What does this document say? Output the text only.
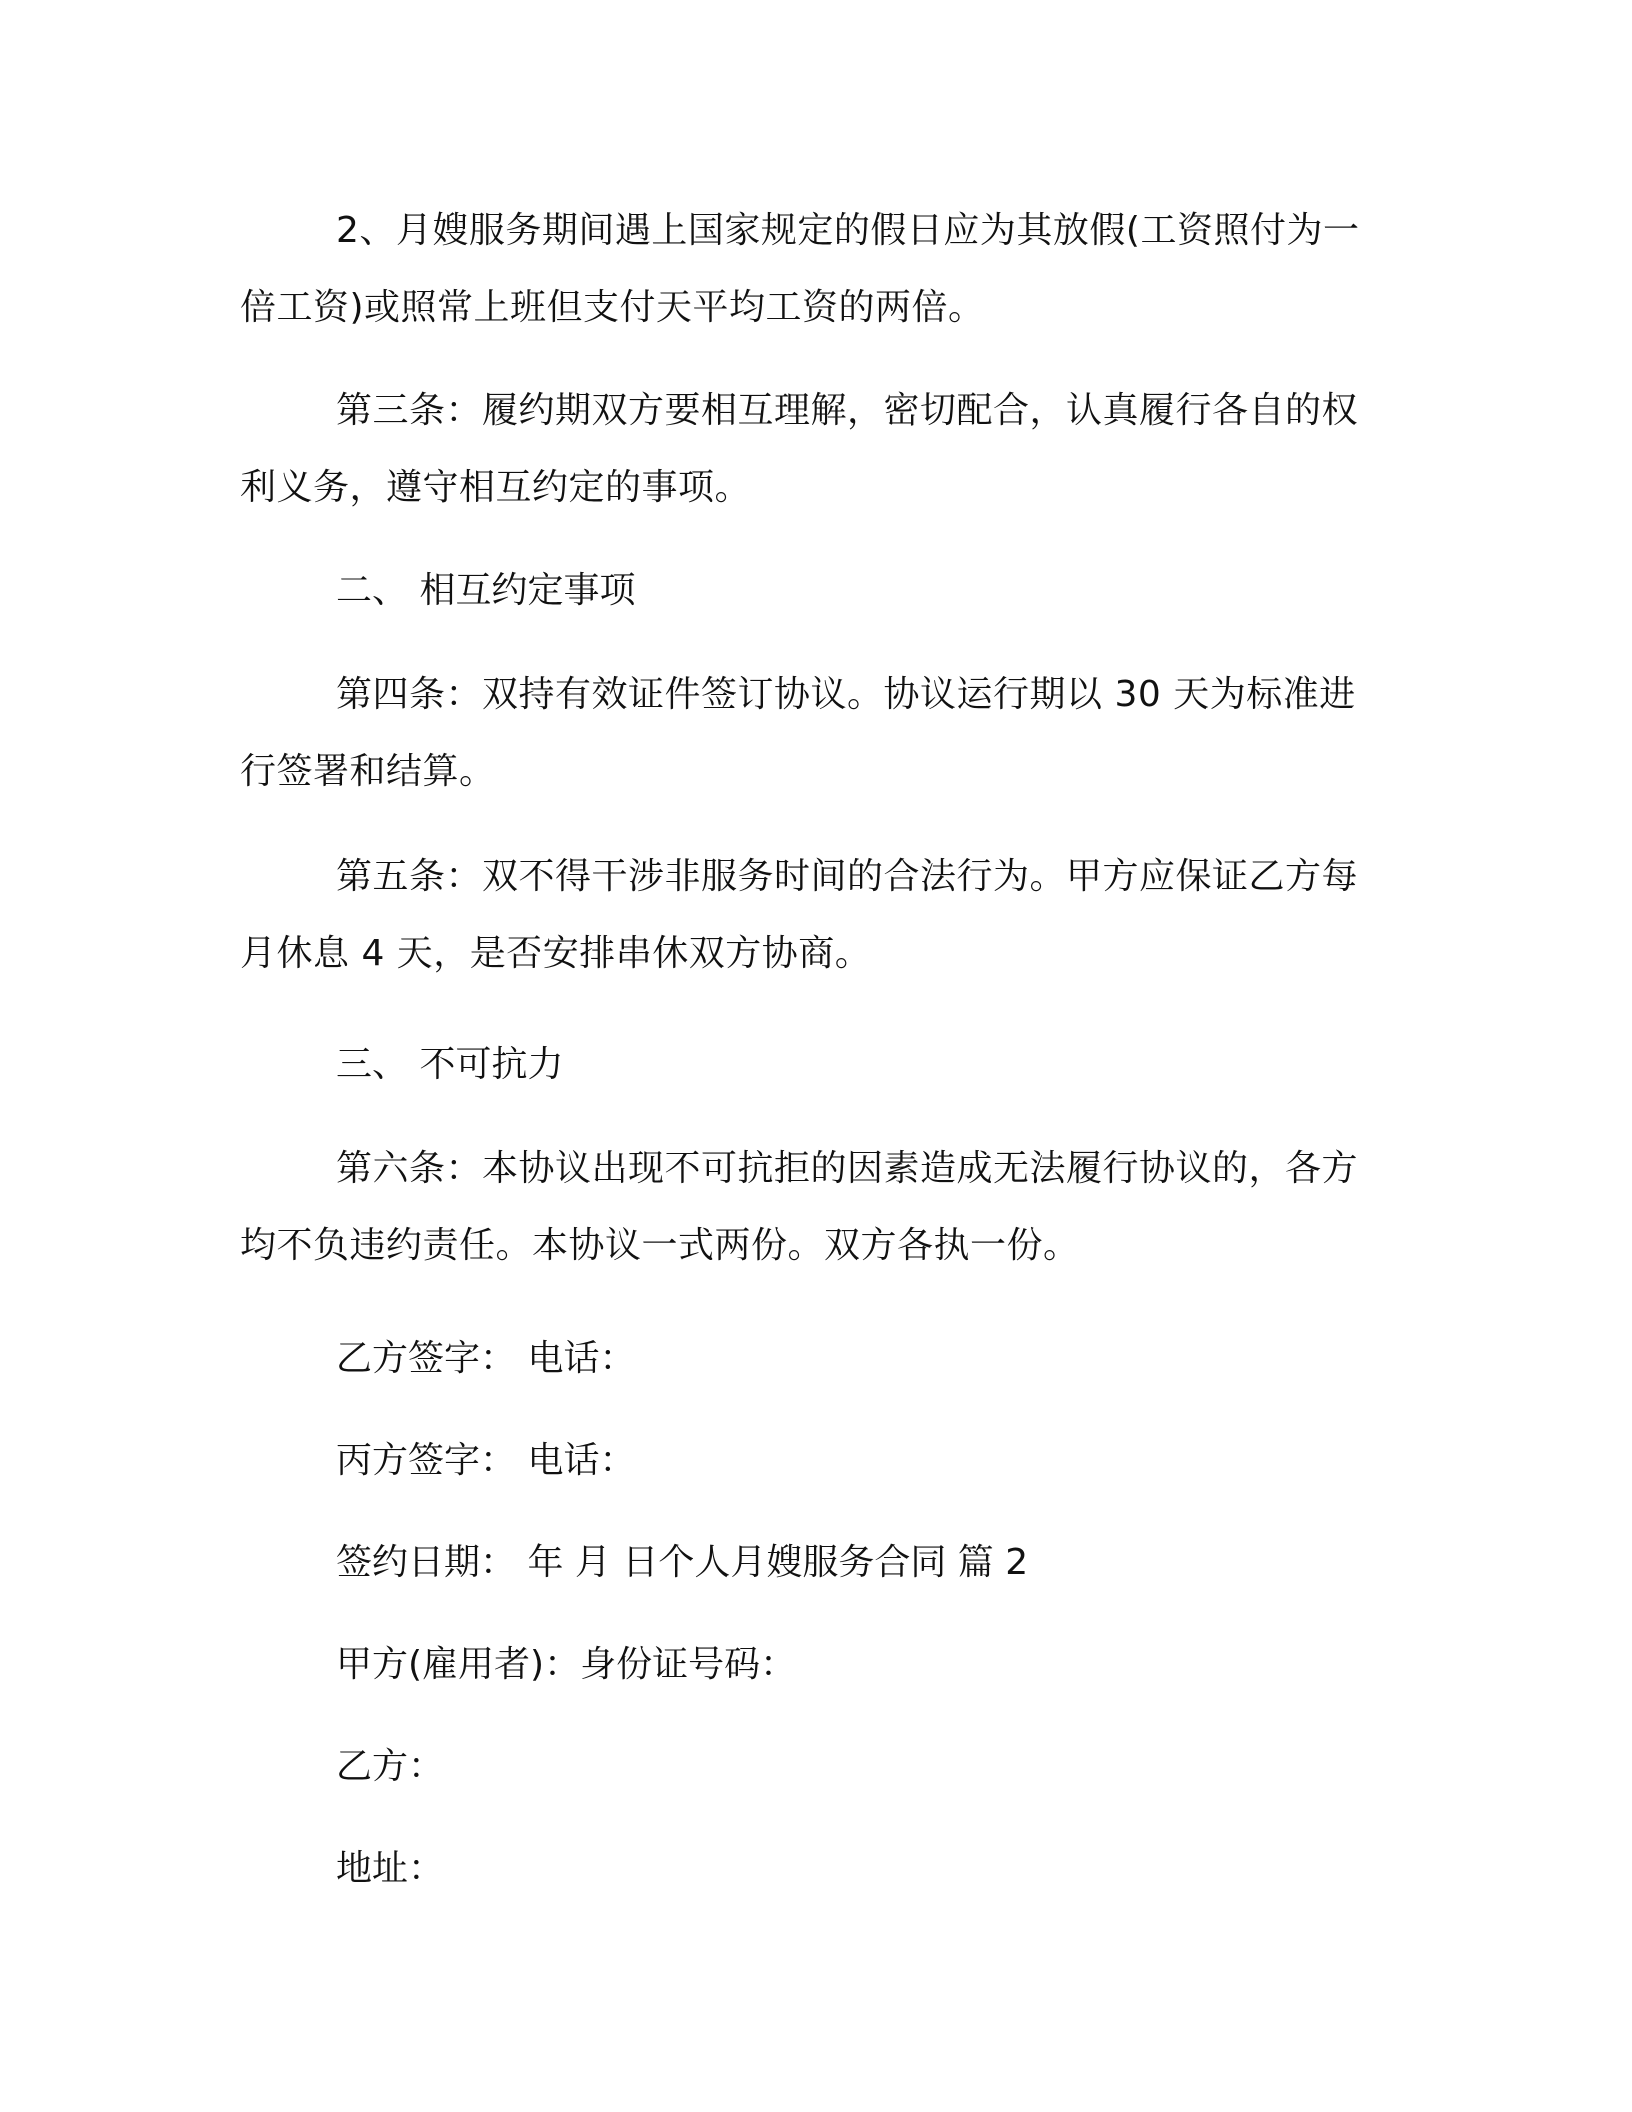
2、月嫂服务期间遇上国家规定的假日应为其放假(工资照付为一倍工资)或照常上班但支付天平均工资的两倍。

第三条：履约期双方要相互理解，密切配合，认真履行各自的权利义务，遵守相互约定的事项。

二、 相互约定事项

第四条：双持有效证件签订协议。协议运行期以 30 天为标准进行签署和结算。

第五条：双不得干涉非服务时间的合法行为。甲方应保证乙方每月休息 4 天，是否安排串休双方协商。

三、 不可抗力

第六条：本协议出现不可抗拒的因素造成无法履行协议的，各方均不负违约责任。本协议一式两份。双方各执一份。

乙方签字： 电话：

丙方签字： 电话：

签约日期： 年 月 日个人月嫂服务合同 篇 2

甲方(雇用者)：身份证号码：

乙方：

地址：
